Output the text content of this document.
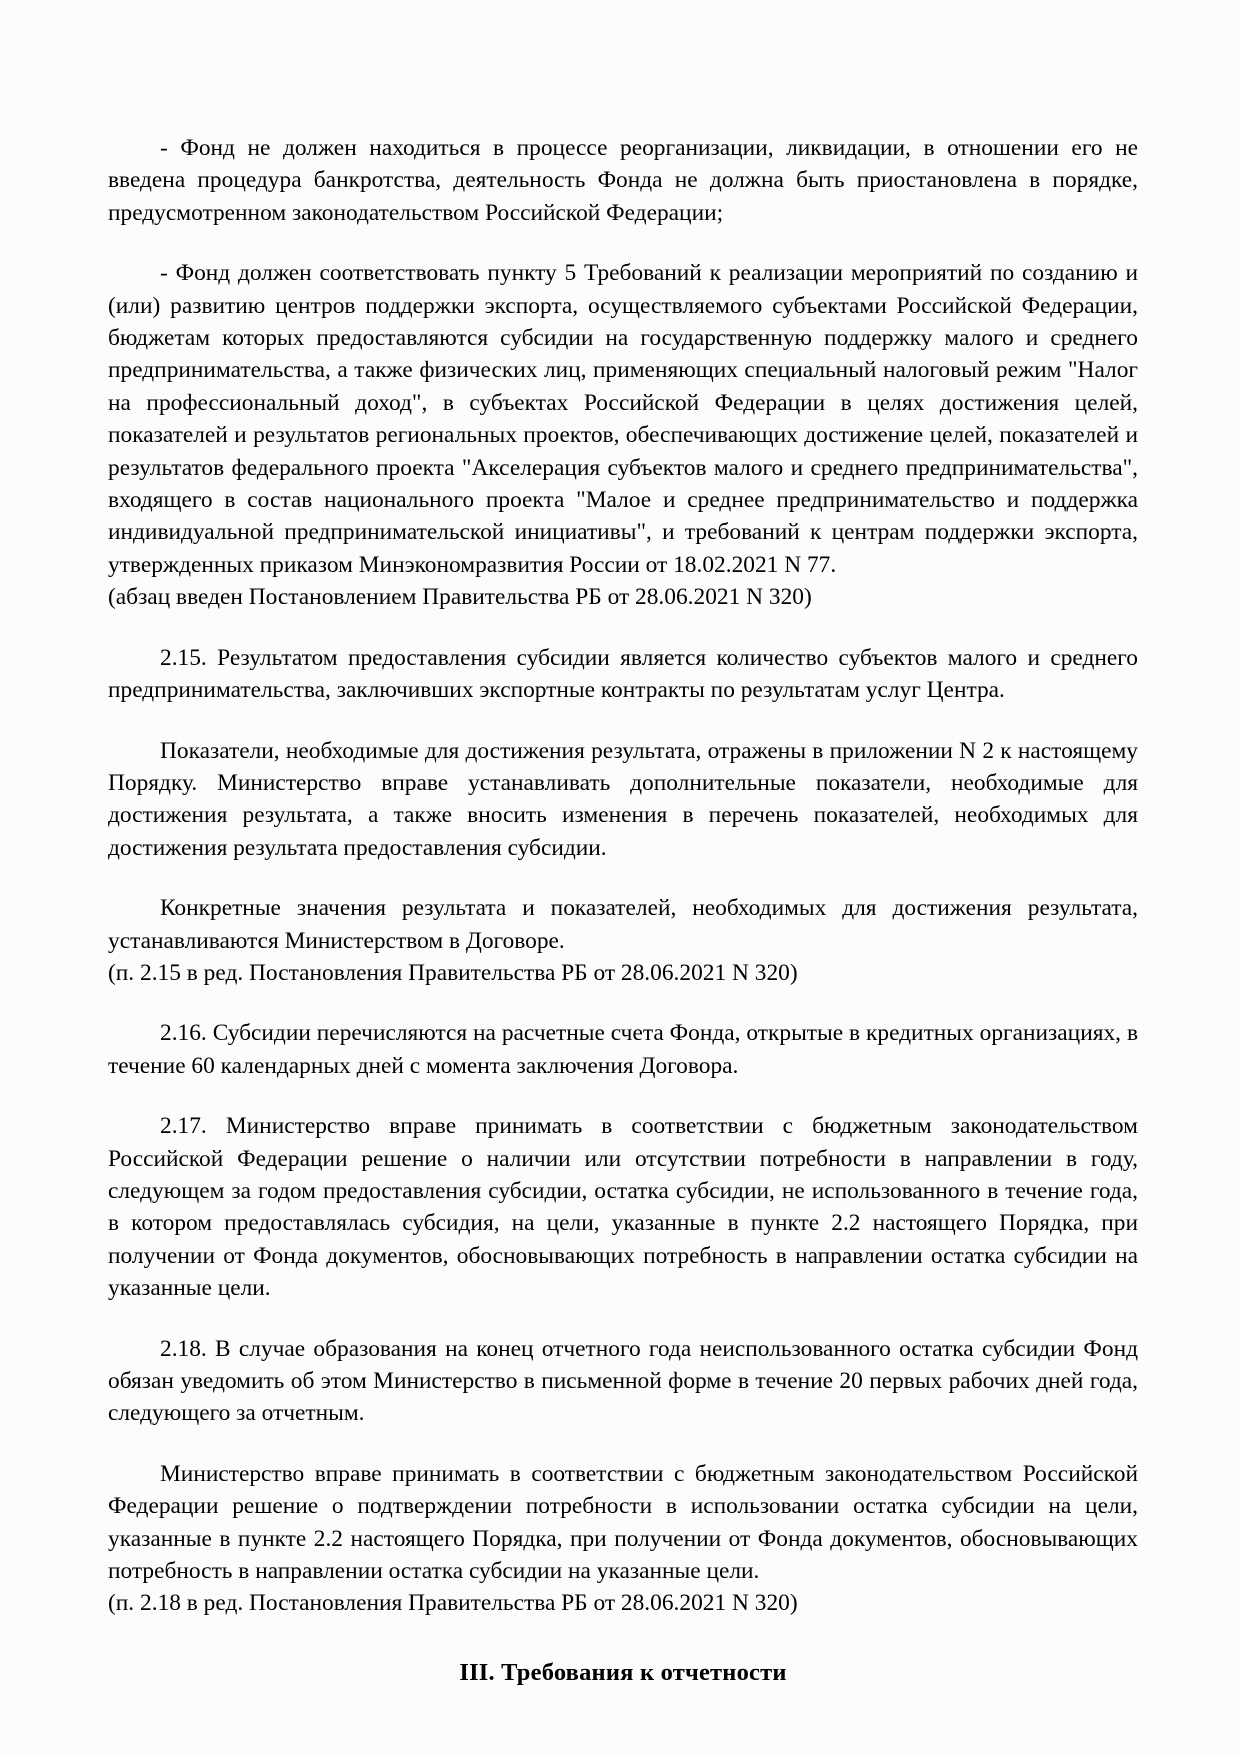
- Фонд не должен находиться в процессе реорганизации, ликвидации, в отношении его не введена процедура банкротства, деятельность Фонда не должна быть приостановлена в порядке, предусмотренном законодательством Российской Федерации;

- Фонд должен соответствовать пункту 5 Требований к реализации мероприятий по созданию и (или) развитию центров поддержки экспорта, осуществляемого субъектами Российской Федерации, бюджетам которых предоставляются субсидии на государственную поддержку малого и среднего предпринимательства, а также физических лиц, применяющих специальный налоговый режим "Налог на профессиональный доход", в субъектах Российской Федерации в целях достижения целей, показателей и результатов региональных проектов, обеспечивающих достижение целей, показателей и результатов федерального проекта "Акселерация субъектов малого и среднего предпринимательства", входящего в состав национального проекта "Малое и среднее предпринимательство и поддержка индивидуальной предпринимательской инициативы", и требований к центрам поддержки экспорта, утвержденных приказом Минэкономразвития России от 18.02.2021 N 77.

(абзац введен Постановлением Правительства РБ от 28.06.2021 N 320)

2.15. Результатом предоставления субсидии является количество субъектов малого и среднего предпринимательства, заключивших экспортные контракты по результатам услуг Центра.

Показатели, необходимые для достижения результата, отражены в приложении N 2 к настоящему Порядку. Министерство вправе устанавливать дополнительные показатели, необходимые для достижения результата, а также вносить изменения в перечень показателей, необходимых для достижения результата предоставления субсидии.

Конкретные значения результата и показателей, необходимых для достижения результата, устанавливаются Министерством в Договоре.

(п. 2.15 в ред. Постановления Правительства РБ от 28.06.2021 N 320)

2.16. Субсидии перечисляются на расчетные счета Фонда, открытые в кредитных организациях, в течение 60 календарных дней с момента заключения Договора.

2.17. Министерство вправе принимать в соответствии с бюджетным законодательством Российской Федерации решение о наличии или отсутствии потребности в направлении в году, следующем за годом предоставления субсидии, остатка субсидии, не использованного в течение года, в котором предоставлялась субсидия, на цели, указанные в пункте 2.2 настоящего Порядка, при получении от Фонда документов, обосновывающих потребность в направлении остатка субсидии на указанные цели.

2.18. В случае образования на конец отчетного года неиспользованного остатка субсидии Фонд обязан уведомить об этом Министерство в письменной форме в течение 20 первых рабочих дней года, следующего за отчетным.

Министерство вправе принимать в соответствии с бюджетным законодательством Российской Федерации решение о подтверждении потребности в использовании остатка субсидии на цели, указанные в пункте 2.2 настоящего Порядка, при получении от Фонда документов, обосновывающих потребность в направлении остатка субсидии на указанные цели.

(п. 2.18 в ред. Постановления Правительства РБ от 28.06.2021 N 320)

III. Требования к отчетности
